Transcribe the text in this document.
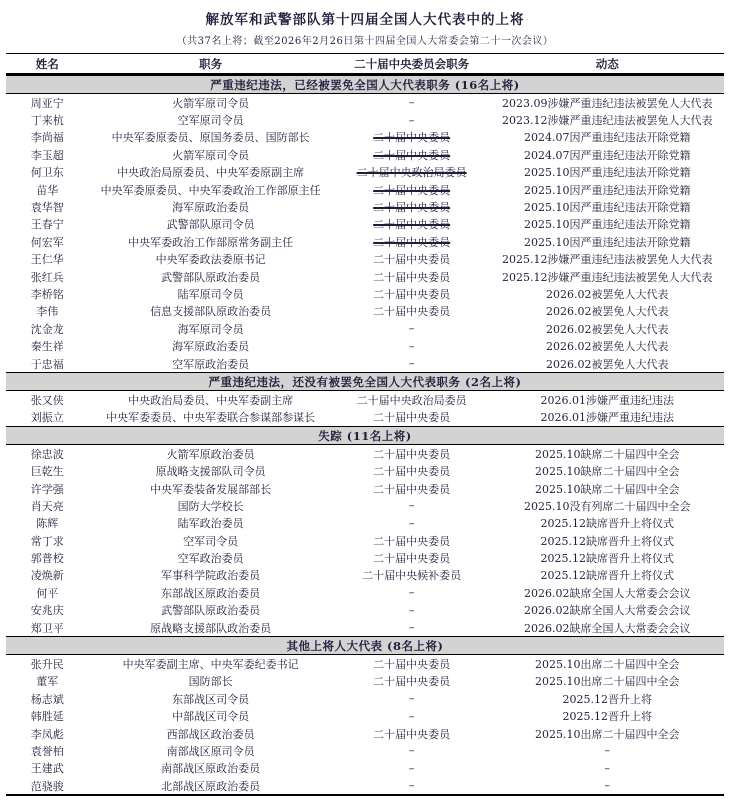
解放军和武警部队第十四届全国人大代表中的上将
（共37名上将；截至2026年2月26日第十四届全国人大常委会第二十一次会议）
姓名	职务	二十届中央委员会职务	动态
严重违纪违法，已经被罢免全国人大代表职务 (16名上将)
周亚宁	火箭军原司令员	–	2023.09涉嫌严重违纪违法被罢免人大代表
丁来杭	空军原司令员	–	2023.12涉嫌严重违纪违法被罢免人大代表
李尚福	中央军委原委员、原国务委员、国防部长	二十届中央委员	2024.07因严重违纪违法开除党籍
李玉超	火箭军原司令员	二十届中央委员	2024.07因严重违纪违法开除党籍
何卫东	中央政治局原委员、中央军委原副主席	二十届中央政治局委员	2025.10因严重违纪违法开除党籍
苗华	中央军委原委员、中央军委政治工作部原主任	二十届中央委员	2025.10因严重违纪违法开除党籍
袁华智	海军原政治委员	二十届中央委员	2025.10因严重违纪违法开除党籍
王春宁	武警部队原司令员	二十届中央委员	2025.10因严重违纪违法开除党籍
何宏军	中央军委政治工作部原常务副主任	二十届中央委员	2025.10因严重违纪违法开除党籍
王仁华	中央军委政法委原书记	二十届中央委员	2025.12涉嫌严重违纪违法被罢免人大代表
张红兵	武警部队原政治委员	二十届中央委员	2025.12涉嫌严重违纪违法被罢免人大代表
李桥铭	陆军原司令员	二十届中央委员	2026.02被罢免人大代表
李伟	信息支援部队原政治委员	二十届中央委员	2026.02被罢免人大代表
沈金龙	海军原司令员	–	2026.02被罢免人大代表
秦生祥	海军原政治委员	–	2026.02被罢免人大代表
于忠福	空军原政治委员	–	2026.02被罢免人大代表
严重违纪违法，还没有被罢免全国人大代表职务 (2名上将)
张又侠	中央政治局委员、中央军委副主席	二十届中央政治局委员	2026.01涉嫌严重违纪违法
刘振立	中央军委委员、中央军委联合参谋部参谋长	二十届中央委员	2026.01涉嫌严重违纪违法
失踪 (11名上将)
徐忠波	火箭军原政治委员	二十届中央委员	2025.10缺席二十届四中全会
巨乾生	原战略支援部队司令员	二十届中央委员	2025.10缺席二十届四中全会
许学强	中央军委装备发展部部长	二十届中央委员	2025.10缺席二十届四中全会
肖天亮	国防大学校长	–	2025.10没有列席二十届四中全会
陈辉	陆军政治委员	–	2025.12缺席晋升上将仪式
常丁求	空军司令员	二十届中央委员	2025.12缺席晋升上将仪式
郭普校	空军政治委员	二十届中央委员	2025.12缺席晋升上将仪式
凌焕新	军事科学院政治委员	二十届中央候补委员	2025.12缺席晋升上将仪式
何平	东部战区原政治委员	–	2026.02缺席全国人大常委会会议
安兆庆	武警部队原政治委员	–	2026.02缺席全国人大常委会会议
郑卫平	原战略支援部队政治委员	–	2026.02缺席全国人大常委会会议
其他上将人大代表 (8名上将)
张升民	中央军委副主席、中央军委纪委书记	二十届中央委员	2025.10出席二十届四中全会
董军	国防部长	二十届中央委员	2025.10出席二十届四中全会
杨志斌	东部战区司令员	–	2025.12晋升上将
韩胜延	中部战区司令员	–	2025.12晋升上将
李凤彪	西部战区政治委员	二十届中央委员	2025.10出席二十届四中全会
袁誉柏	南部战区原司令员	–	–
王建武	南部战区原政治委员	–	–
范骁骏	北部战区原政治委员	–	–
